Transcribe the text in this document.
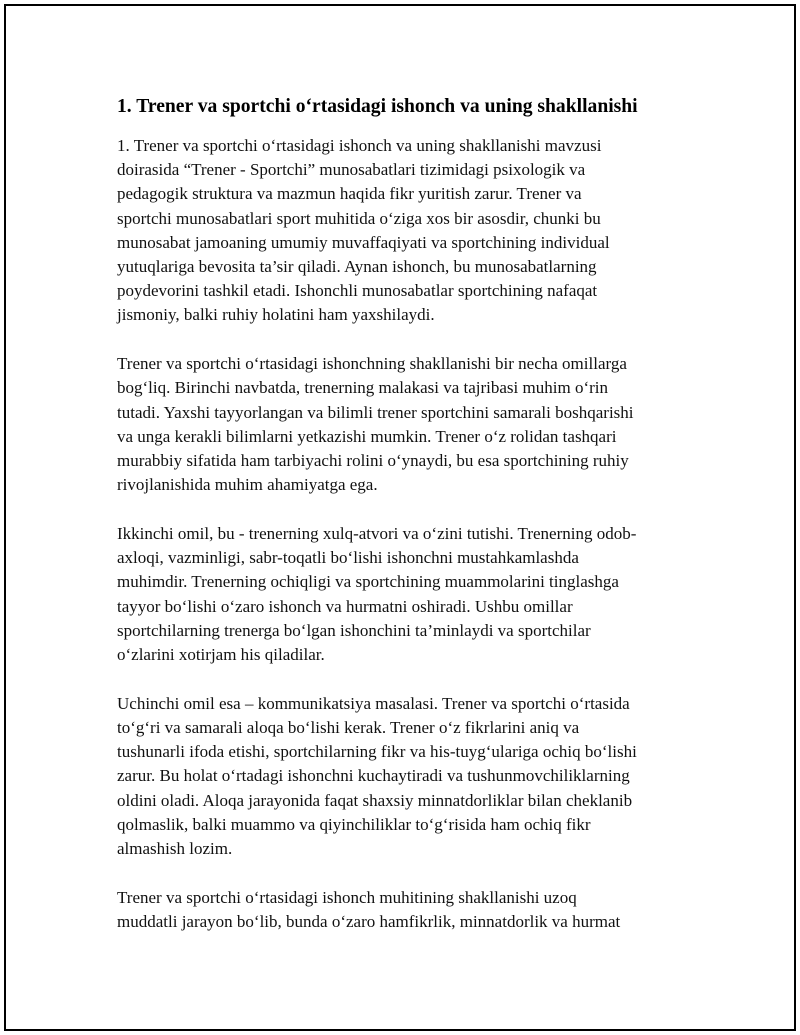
1. Trener va sportchi o‘rtasidagi ishonch va uning shakllanishi
1. Trener va sportchi o‘rtasidagi ishonch va uning shakllanishi mavzusi
doirasida “Trener - Sportchi” munosabatlari tizimidagi psixologik va
pedagogik struktura va mazmun haqida fikr yuritish zarur. Trener va
sportchi munosabatlari sport muhitida o‘ziga xos bir asosdir, chunki bu
munosabat jamoaning umumiy muvaffaqiyati va sportchining individual
yutuqlariga bevosita ta’sir qiladi. Aynan ishonch, bu munosabatlarning
poydevorini tashkil etadi. Ishonchli munosabatlar sportchining nafaqat
jismoniy, balki ruhiy holatini ham yaxshilaydi.
Trener va sportchi o‘rtasidagi ishonchning shakllanishi bir necha omillarga
bog‘liq. Birinchi navbatda, trenerning malakasi va tajribasi muhim o‘rin
tutadi. Yaxshi tayyorlangan va bilimli trener sportchini samarali boshqarishi
va unga kerakli bilimlarni yetkazishi mumkin. Trener o‘z rolidan tashqari
murabbiy sifatida ham tarbiyachi rolini o‘ynaydi, bu esa sportchining ruhiy
rivojlanishida muhim ahamiyatga ega.
Ikkinchi omil, bu - trenerning xulq-atvori va o‘zini tutishi. Trenerning odob-
axloqi, vazminligi, sabr-toqatli bo‘lishi ishonchni mustahkamlashda
muhimdir. Trenerning ochiqligi va sportchining muammolarini tinglashga
tayyor bo‘lishi o‘zaro ishonch va hurmatni oshiradi. Ushbu omillar
sportchilarning trenerga bo‘lgan ishonchini ta’minlaydi va sportchilar
o‘zlarini xotirjam his qiladilar.
Uchinchi omil esa – kommunikatsiya masalasi. Trener va sportchi o‘rtasida
to‘g‘ri va samarali aloqa bo‘lishi kerak. Trener o‘z fikrlarini aniq va
tushunarli ifoda etishi, sportchilarning fikr va his-tuyg‘ulariga ochiq bo‘lishi
zarur. Bu holat o‘rtadagi ishonchni kuchaytiradi va tushunmovchiliklarning
oldini oladi. Aloqa jarayonida faqat shaxsiy minnatdorliklar bilan cheklanib
qolmaslik, balki muammo va qiyinchiliklar to‘g‘risida ham ochiq fikr
almashish lozim.
Trener va sportchi o‘rtasidagi ishonch muhitining shakllanishi uzoq
muddatli jarayon bo‘lib, bunda o‘zaro hamfikrlik, minnatdorlik va hurmat
